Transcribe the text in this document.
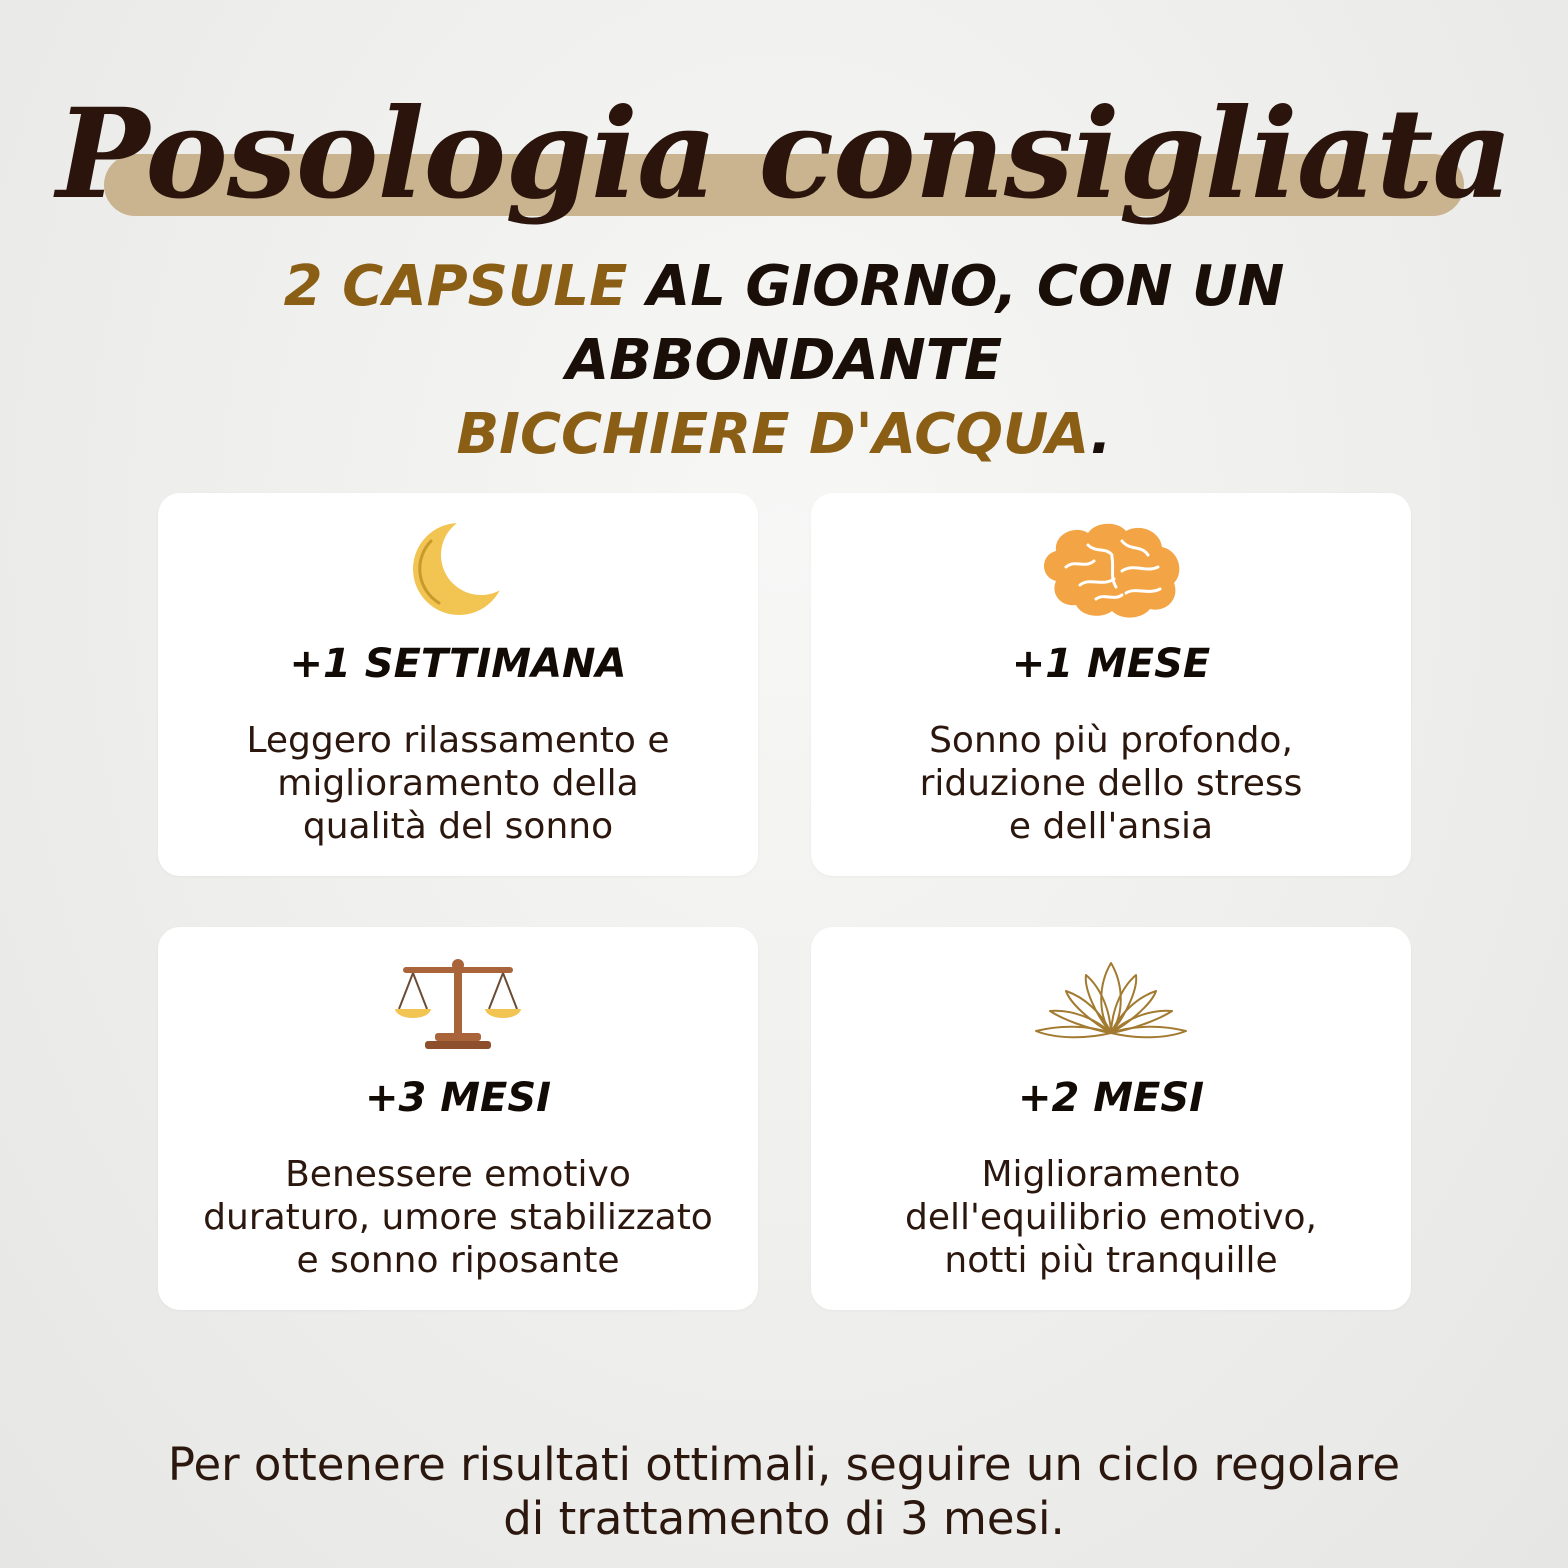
Posologia consigliata

2 CAPSULE AL GIORNO, CON UN ABBONDANTE
BICCHIERE D'ACQUA.

+1 SETTIMANA

Leggero rilassamento e
miglioramento della
qualità del sonno

+1 MESE

Sonno più profondo,
riduzione dello stress
e dell'ansia

+3 MESI

Benessere emotivo
duraturo, umore stabilizzato
e sonno riposante

+2 MESI

Miglioramento
dell'equilibrio emotivo,
notti più tranquille

Per ottenere risultati ottimali, seguire un ciclo regolare
di trattamento di 3 mesi.
